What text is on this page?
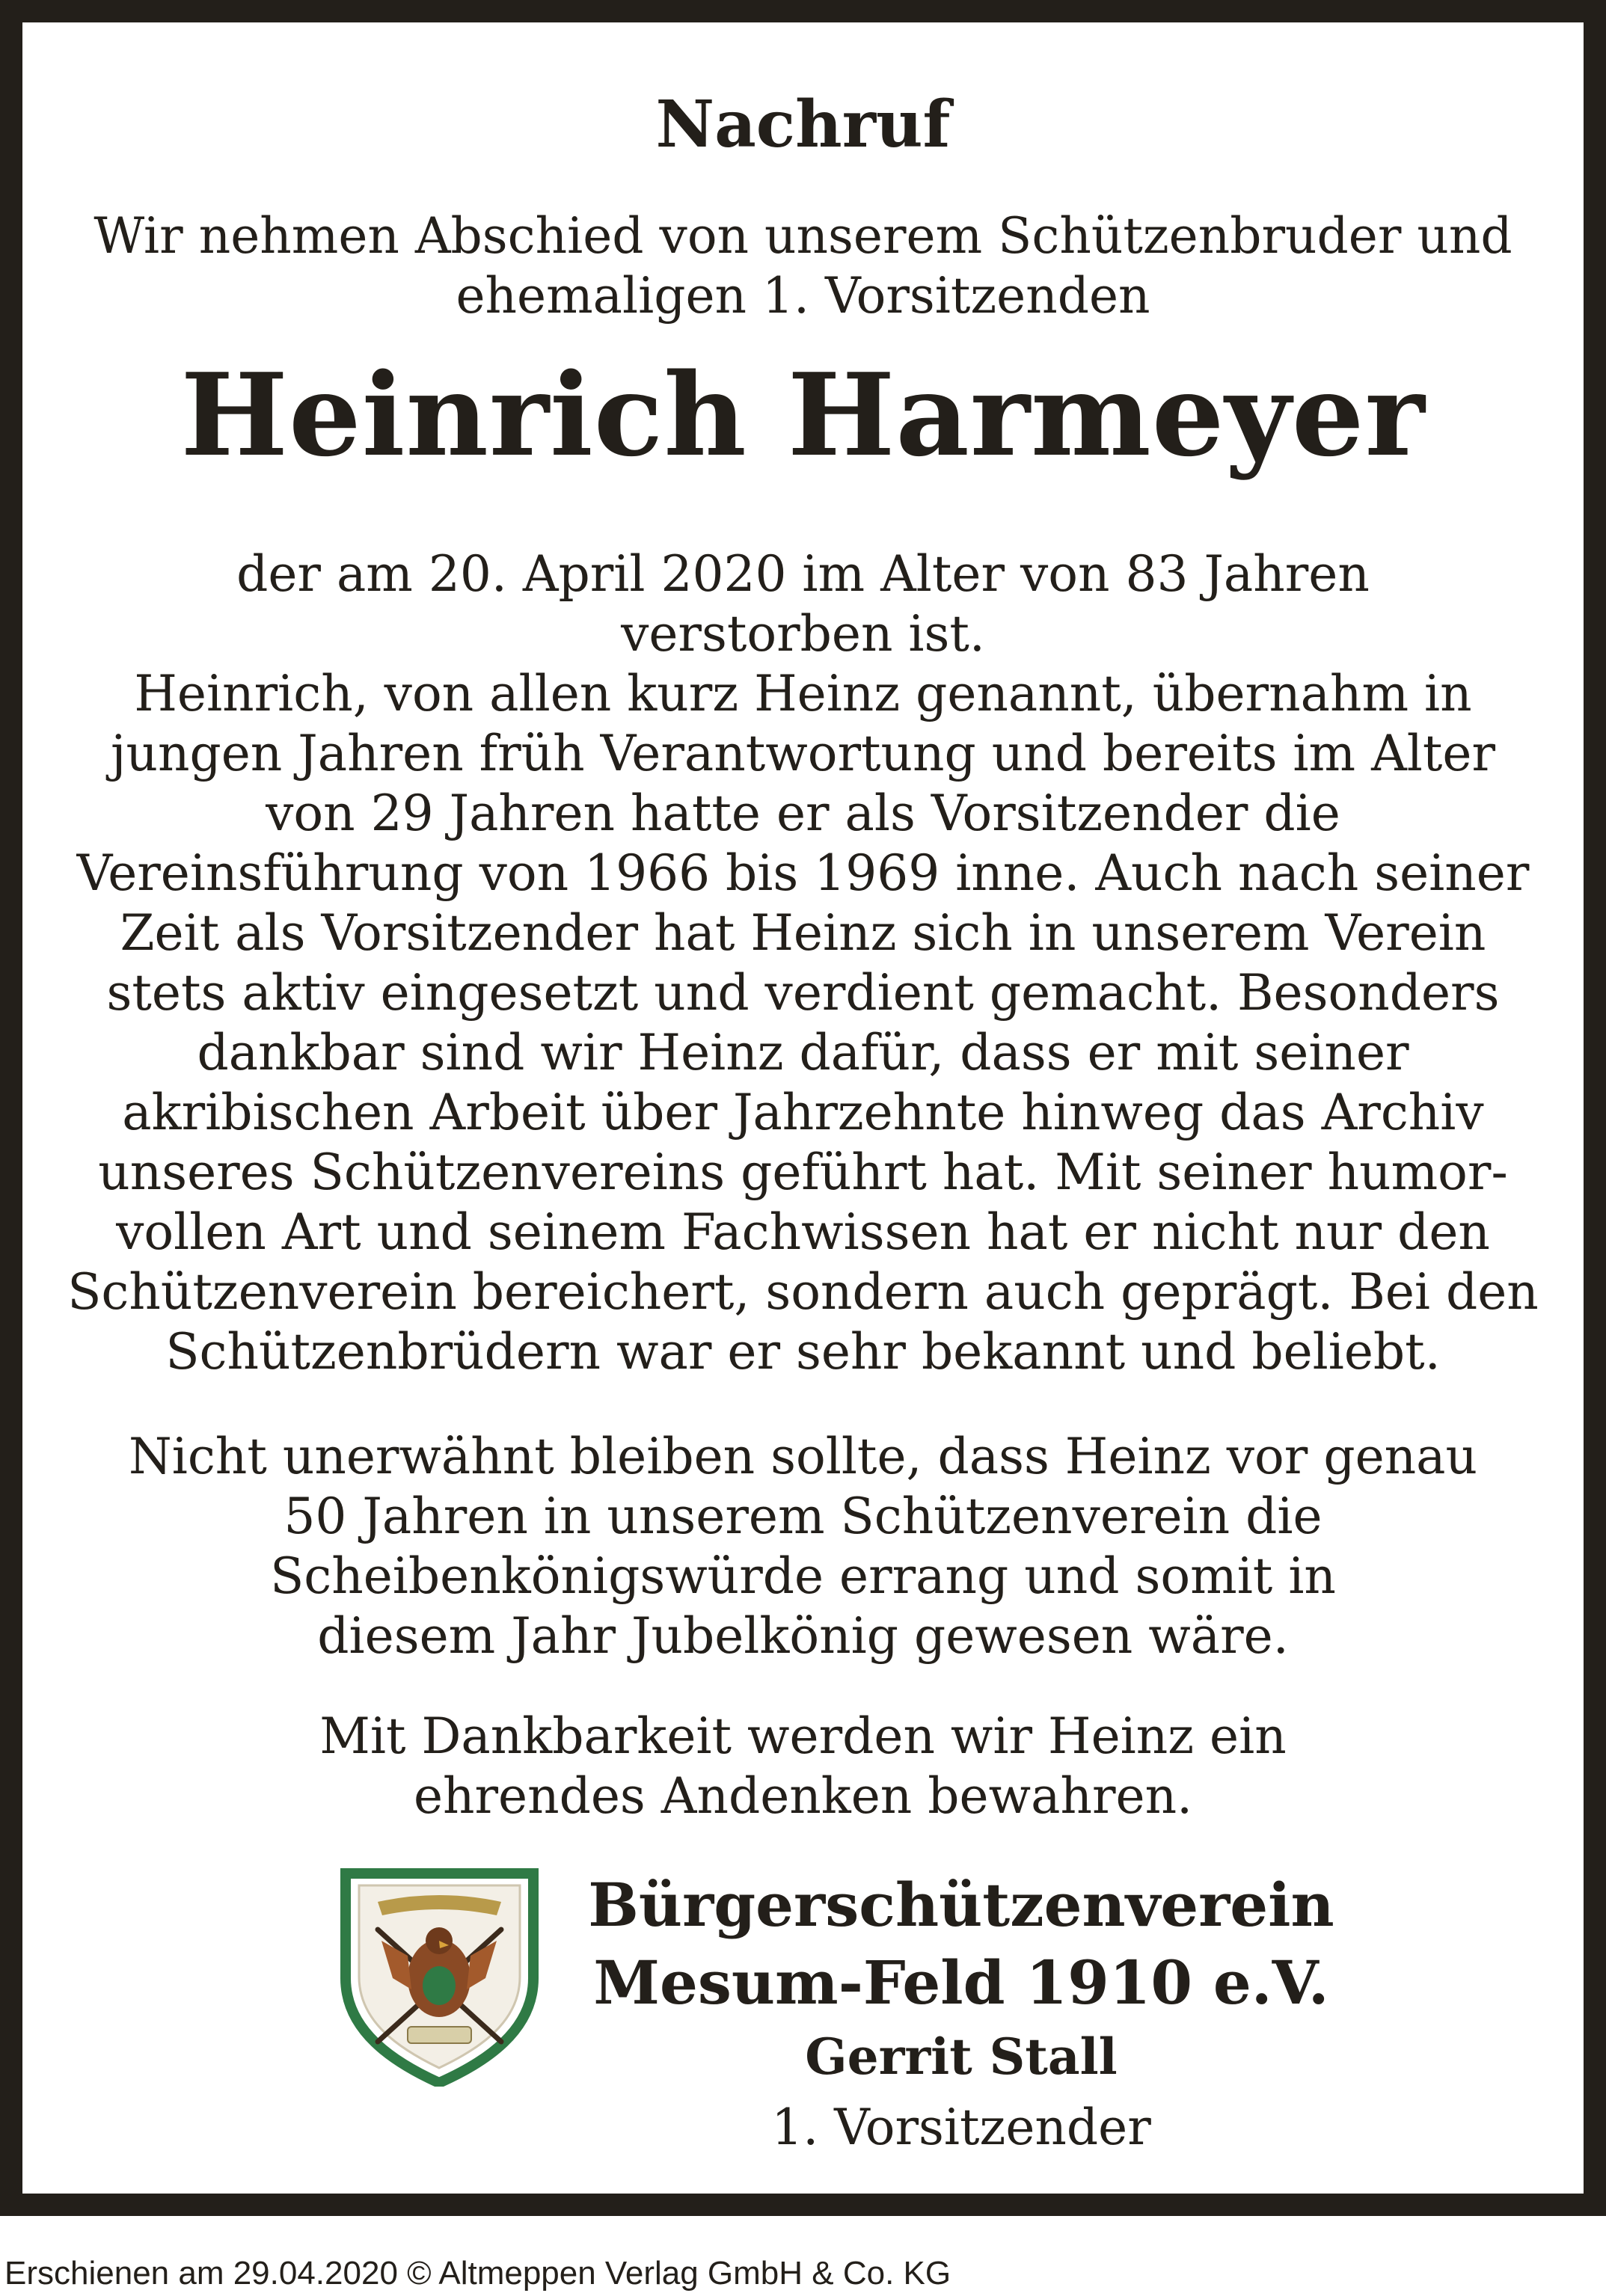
Nachruf

Wir nehmen Abschied von unserem Schützenbruder und
ehemaligen 1. Vorsitzenden

Heinrich Harmeyer

der am 20. April 2020 im Alter von 83 Jahren
verstorben ist.
Heinrich, von allen kurz Heinz genannt, übernahm in
jungen Jahren früh Verantwortung und bereits im Alter
von 29 Jahren hatte er als Vorsitzender die
Vereinsführung von 1966 bis 1969 inne. Auch nach seiner
Zeit als Vorsitzender hat Heinz sich in unserem Verein
stets aktiv eingesetzt und verdient gemacht. Besonders
dankbar sind wir Heinz dafür, dass er mit seiner
akribischen Arbeit über Jahrzehnte hinweg das Archiv
unseres Schützenvereins geführt hat. Mit seiner humor-
vollen Art und seinem Fachwissen hat er nicht nur den
Schützenverein bereichert, sondern auch geprägt. Bei den
Schützenbrüdern war er sehr bekannt und beliebt.

Nicht unerwähnt bleiben sollte, dass Heinz vor genau
50 Jahren in unserem Schützenverein die
Scheibenkönigswürde errang und somit in
diesem Jahr Jubelkönig gewesen wäre.

Mit Dankbarkeit werden wir Heinz ein
ehrendes Andenken bewahren.

Bürgerschützenverein
Mesum-Feld 1910 e.V.

Gerrit Stall
1. Vorsitzender
Erschienen am 29.04.2020 © Altmeppen Verlag GmbH & Co. KG
